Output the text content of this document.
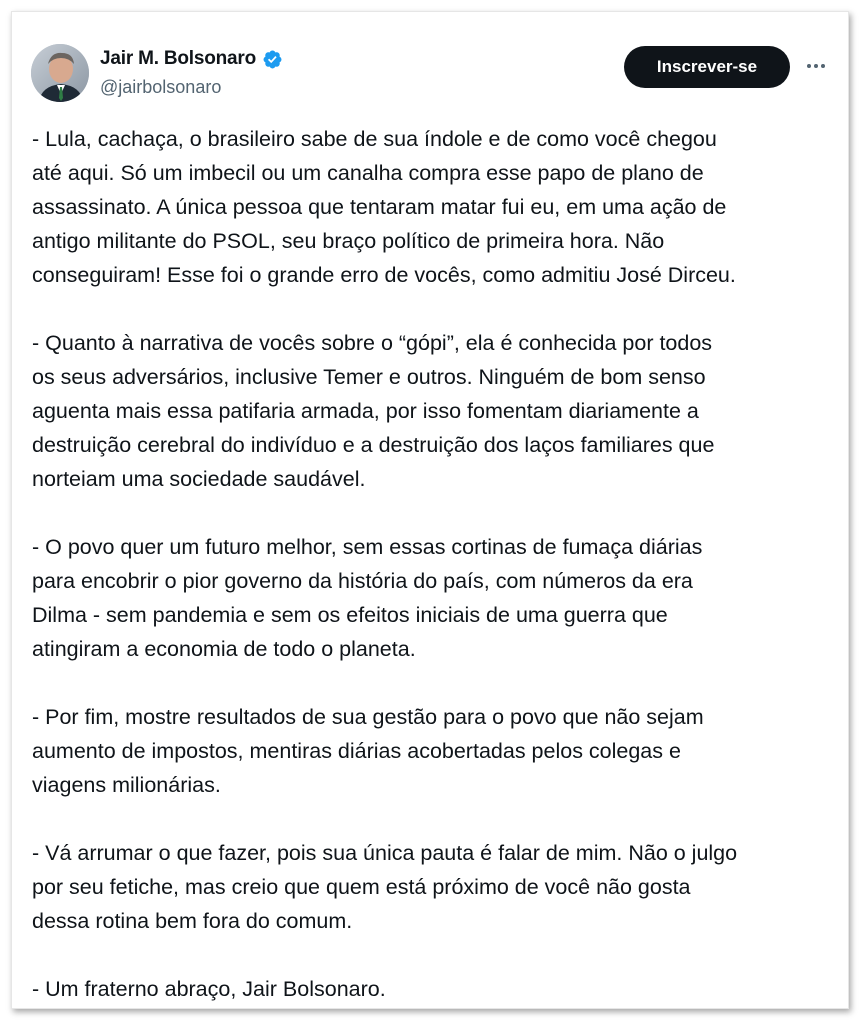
Jair M. Bolsonaro
@jairbolsonaro
Inscrever-se

- Lula, cachaça, o brasileiro sabe de sua índole e de como você chegou
até aqui. Só um imbecil ou um canalha compra esse papo de plano de
assassinato. A única pessoa que tentaram matar fui eu, em uma ação de
antigo militante do PSOL, seu braço político de primeira hora. Não
conseguiram! Esse foi o grande erro de vocês, como admitiu José Dirceu.

- Quanto à narrativa de vocês sobre o “gópi”, ela é conhecida por todos
os seus adversários, inclusive Temer e outros. Ninguém de bom senso
aguenta mais essa patifaria armada, por isso fomentam diariamente a
destruição cerebral do indivíduo e a destruição dos laços familiares que
norteiam uma sociedade saudável.

- O povo quer um futuro melhor, sem essas cortinas de fumaça diárias
para encobrir o pior governo da história do país, com números da era
Dilma - sem pandemia e sem os efeitos iniciais de uma guerra que
atingiram a economia de todo o planeta.

- Por fim, mostre resultados de sua gestão para o povo que não sejam
aumento de impostos, mentiras diárias acobertadas pelos colegas e
viagens milionárias.

- Vá arrumar o que fazer, pois sua única pauta é falar de mim. Não o julgo
por seu fetiche, mas creio que quem está próximo de você não gosta
dessa rotina bem fora do comum.

- Um fraterno abraço, Jair Bolsonaro.
